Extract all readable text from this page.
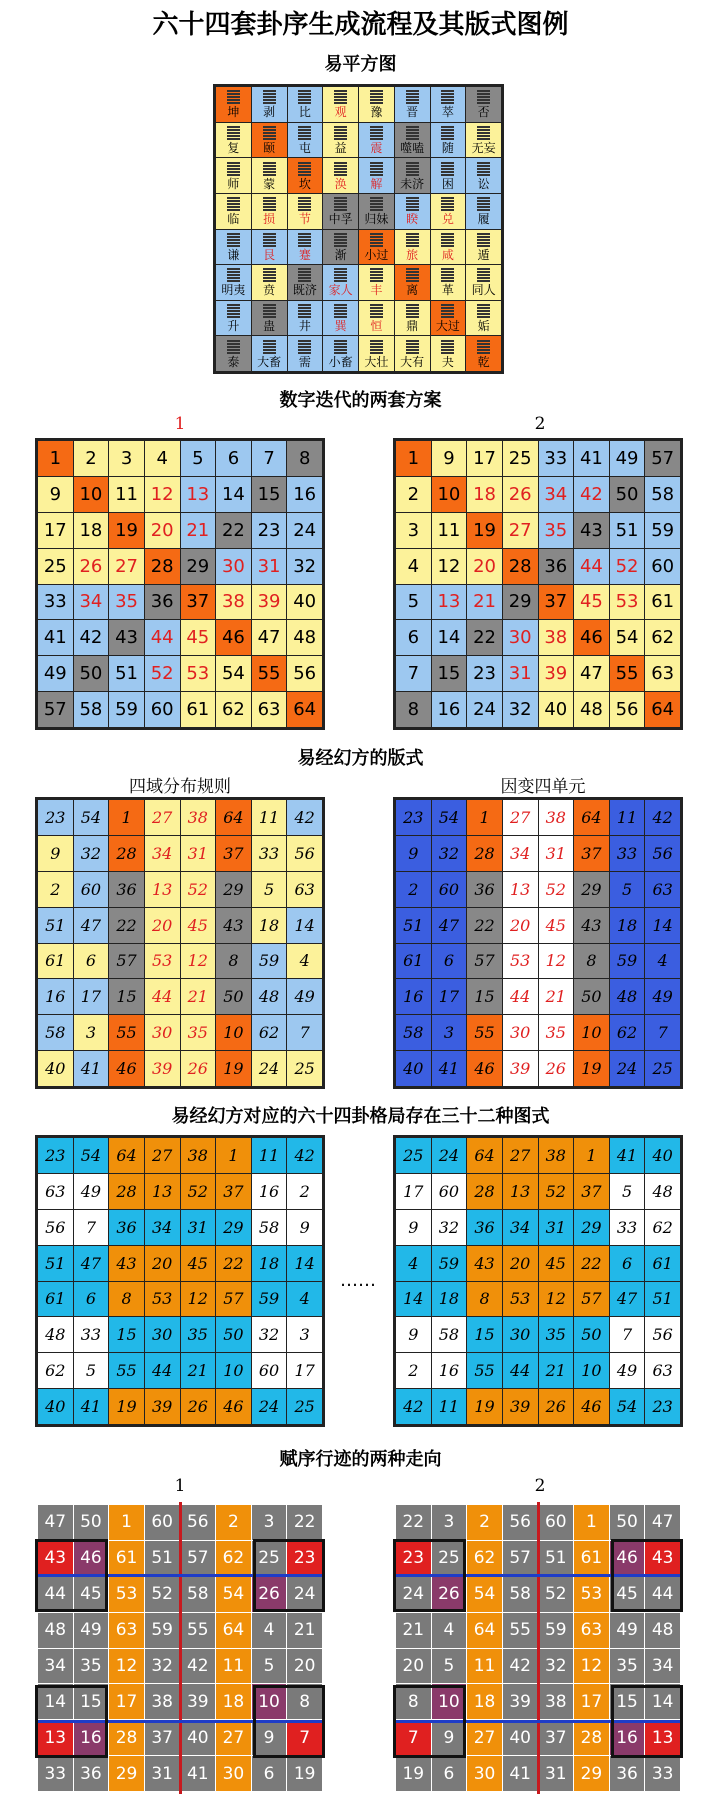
六十四套卦序生成流程及其版式图例
易平方图
坤 剥 比 观 豫 晋 萃 否
复 颐 屯 益 震 噬嗑 随 无妄
师 蒙 坎 涣 解 未济 困 讼
临 损 节 中孚 归妹 睽 兑 履
谦 艮 蹇 渐 小过 旅 咸 遁
明夷 贲 既济 家人 丰 离 革 同人
升 蛊 井 巽 恒 鼎 大过 姤
泰 大畜 需 小畜 大壮 大有 夬 乾
数字迭代的两套方案
1	2
1	2	3	4	5	6	7	8
9	10 11 12 13 14 15 16
17 18 19 20 21 22 23 24
25 26 27 28 29 30 31 32
33 34 35 36 37 38 39 40
41 42 43 44 45 46 47 48
49 50 51 52 53 54 55 56
57 58 59 60 61 62 63 64
1	9	17 25 33 41 49 57
2	10 18 26 34 42 50 58
3	11 19 27 35 43 51 59
4	12 20 28 36 44 52 60
5	13 21 29 37 45 53 61
6	14 22 30 38 46 54 62
7	15 23 31 39 47 55 63
8	16 24 32 40 48 56 64
易经幻方的版式
四域分布规则	因变四单元
23 54	1	27 38 64 11 42
9	32 28 34 31 37 33 56
2	60 36 13 52 29	5	63
51 47 22 20 45 43 18 14
61	6	57 53 12	8	59	4
16 17 15 44 21 50 48 49
58	3	55 30 35 10 62	7
40 41 46 39 26 19 24 25
23 54	1	27 38 64 11 42
9	32 28 34 31 37 33 56
2	60 36 13 52 29	5	63
51 47 22 20 45 43 18 14
61	6	57 53 12	8	59	4
16 17 15 44 21 50 48 49
58	3	55 30 35 10 62	7
40 41 46 39 26 19 24 25
易经幻方对应的六十四卦格局存在三十二种图式
23 54 64 27 38	1	11 42
63 49 28 13 52 37 16	2
56	7	36 34 31 29 58	9
51 47 43 20 45 22 18 14
61	6	8	53 12 57 59	4
48 33 15 30 35 50 32	3
62	5	55 44 21 10 60 17
40 41 19 39 26 46 24 25
……
25 24 64 27 38	1	41 40
17 60 28 13 52 37	5	48
9	32 36 34 31 29 33 62
4	59 43 20 45 22	6	61
14 18	8	53 12 57 47 51
9	58 15 30 35 50	7	56
2	16 55 44 21 10 49 63
42 11 19 39 26 46 54 23
赋序行迹的两种走向
1	2
47 50	1	60 56	2	3	22
43 46 61 51 57 62 25 23
44 45 53 52 58 54 26 24
48 49 63 59 55 64	4	21
34 35 12 32 42 11	5	20
14 15 17 38 39 18 10	8
13 16 28 37 40 27	9	7
33 36 29 31 41 30	6	19
22	3	2	56 60	1	50 47
23 25 62 57 51 61 46 43
24 26 54 58 52 53 45 44
21	4	64 55 59 63 49 48
20	5	11 42 32 12 35 34
8	10 18 39 38 17 15 14
7	9	27 40 37 28 16 13
19	6	30 41 31 29 36 33
